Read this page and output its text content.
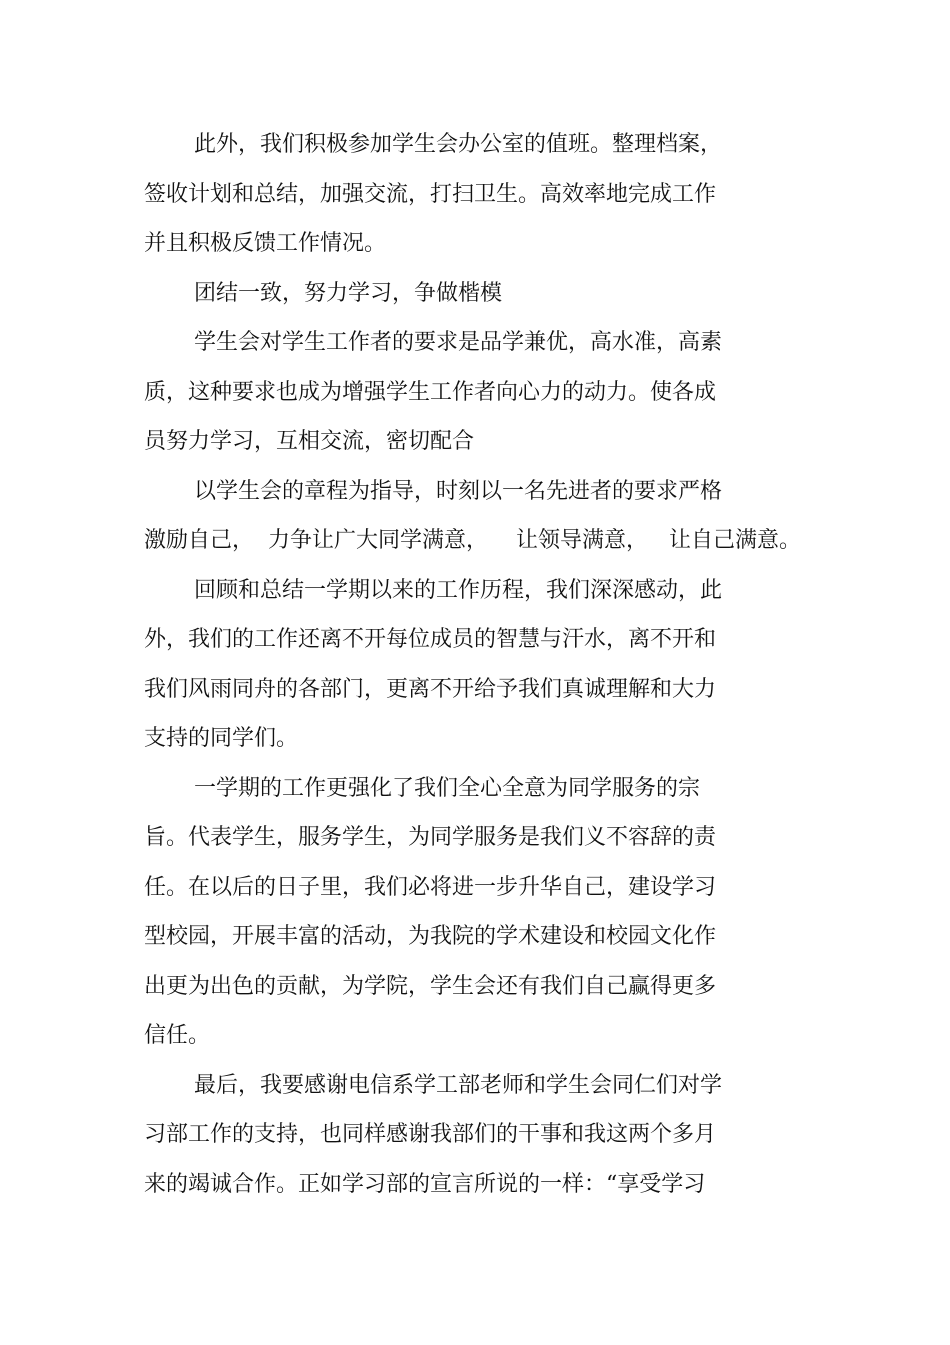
此外，我们积极参加学生会办公室的值班。整理档案，
签收计划和总结，加强交流，打扫卫生。高效率地完成工作
并且积极反馈工作情况。
团结一致，努力学习，争做楷模
学生会对学生工作者的要求是品学兼优，高水准，高素
质，这种要求也成为增强学生工作者向心力的动力。使各成
员努力学习，互相交流，密切配合
以学生会的章程为指导，时刻以一名先进者的要求严格
激励自己，  力争让广大同学满意，    让领导满意，   让自己满意。
回顾和总结一学期以来的工作历程，我们深深感动，此
外，我们的工作还离不开每位成员的智慧与汗水，离不开和
我们风雨同舟的各部门，更离不开给予我们真诚理解和大力
支持的同学们。
一学期的工作更强化了我们全心全意为同学服务的宗
旨。代表学生，服务学生，为同学服务是我们义不容辞的责
任。在以后的日子里，我们必将进一步升华自己，建设学习
型校园，开展丰富的活动，为我院的学术建设和校园文化作
出更为出色的贡献，为学院，学生会还有我们自己赢得更多
信任。
最后，我要感谢电信系学工部老师和学生会同仁们对学
习部工作的支持，也同样感谢我部们的干事和我这两个多月
来的竭诚合作。正如学习部的宣言所说的一样：“享受学习
